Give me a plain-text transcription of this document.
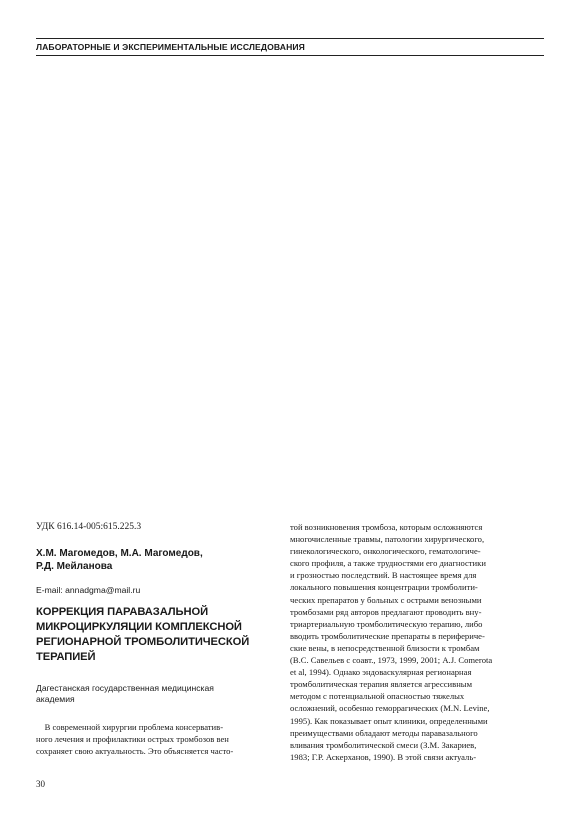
ЛАБОРАТОРНЫЕ И ЭКСПЕРИМЕНТАЛЬНЫЕ ИССЛЕДОВАНИЯ
УДК 616.14-005:615.225.3
Х.М. Магомедов, М.А. Магомедов,
Р.Д. Мейланова
E-mail: annadgma@mail.ru
КОРРЕКЦИЯ ПАРАВАЗАЛЬНОЙ
МИКРОЦИРКУЛЯЦИИ КОМПЛЕКСНОЙ
РЕГИОНАРНОЙ ТРОМБОЛИТИЧЕСКОЙ
ТЕРАПИЕЙ
Дагестанская государственная медицинская
академия
В современной хирургии проблема консерватив-
ного лечения и профилактики острых тромбозов вен
сохраняет свою актуальность. Это объясняется часто-
той возникновения тромбоза, которым осложняются
многочисленные травмы, патологии хирургического,
гинекологического, онкологического, гематологиче-
ского профиля, а также трудностями его диагностики
и грозностью последствий. В настоящее время для
локального повышения концентрации тромболити-
ческих препаратов у больных с острыми венозными
тромбозами ряд авторов предлагают проводить вну-
триартериальную тромболитическую терапию, либо
вводить тромболитические препараты в перифериче-
ские вены, в непосредственной близости к тромбам
(В.С. Савельев с соавт., 1973, 1999, 2001; A.J. Comerota
et al, 1994). Однако эндоваскулярная регионарная
тромболитическая терапия является агрессивным
методом с потенциальной опасностью тяжелых
осложнений, особенно геморрагических (M.N. Levine,
1995). Как показывает опыт клиники, определенными
преимуществами обладают методы паравазального
вливания тромболитической смеси (З.М. Закариев,
1983; Г.Р. Аскерханов, 1990). В этой связи актуаль-
30
